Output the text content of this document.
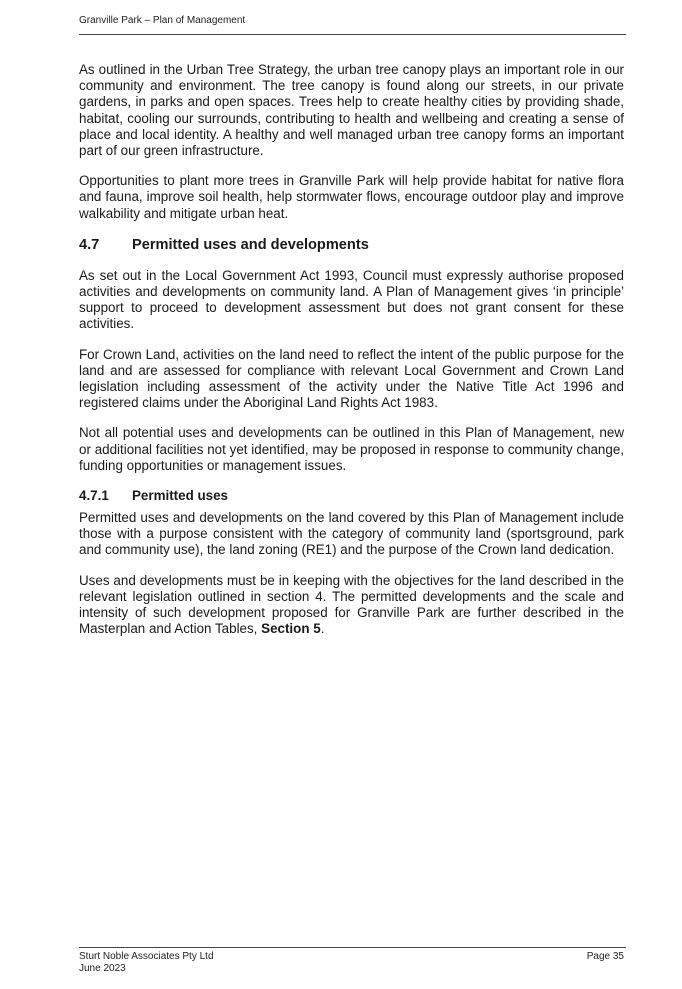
Granville Park – Plan of Management

As outlined in the Urban Tree Strategy, the urban tree canopy plays an important role in our community and environment. The tree canopy is found along our streets, in our private gardens, in parks and open spaces. Trees help to create healthy cities by providing shade, habitat, cooling our surrounds, contributing to health and wellbeing and creating a sense of place and local identity. A healthy and well managed urban tree canopy forms an important part of our green infrastructure.

Opportunities to plant more trees in Granville Park will help provide habitat for native flora and fauna, improve soil health, help stormwater flows, encourage outdoor play and improve walkability and mitigate urban heat.

4.7 Permitted uses and developments

As set out in the Local Government Act 1993, Council must expressly authorise proposed activities and developments on community land. A Plan of Management gives ‘in principle’ support to proceed to development assessment but does not grant consent for these activities.

For Crown Land, activities on the land need to reflect the intent of the public purpose for the land and are assessed for compliance with relevant Local Government and Crown Land legislation including assessment of the activity under the Native Title Act 1996 and registered claims under the Aboriginal Land Rights Act 1983.

Not all potential uses and developments can be outlined in this Plan of Management, new or additional facilities not yet identified, may be proposed in response to community change, funding opportunities or management issues.

4.7.1 Permitted uses

Permitted uses and developments on the land covered by this Plan of Management include those with a purpose consistent with the category of community land (sportsground, park and community use), the land zoning (RE1) and the purpose of the Crown land dedication.

Uses and developments must be in keeping with the objectives for the land described in the relevant legislation outlined in section 4. The permitted developments and the scale and intensity of such development proposed for Granville Park are further described in the Masterplan and Action Tables, Section 5.

Sturt Noble Associates Pty Ltd
June 2023
Page 35
